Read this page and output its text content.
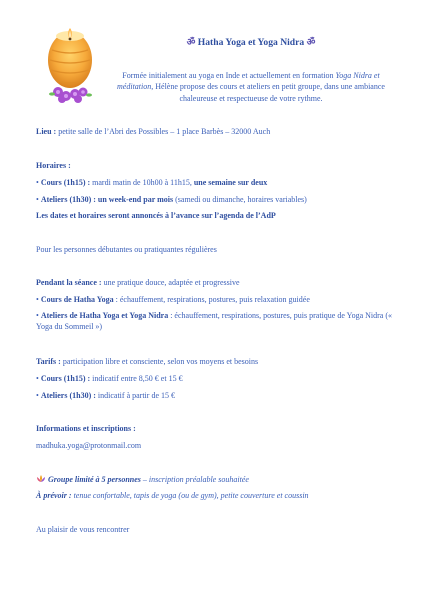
ॐ Hatha Yoga et Yoga Nidra ॐ
Formée initialement au yoga en Inde et actuellement en formation Yoga Nidra et méditation, Hélène propose des cours et ateliers en petit groupe, dans une ambiance chaleureuse et respectueuse de votre rythme.
Lieu : petite salle de l’Abri des Possibles – 1 place Barbès – 32000 Auch
Horaires :
• Cours (1h15) : mardi matin de 10h00 à 11h15, une semaine sur deux
• Ateliers (1h30) : un week-end par mois (samedi ou dimanche, horaires variables)
Les dates et horaires seront annoncés à l’avance sur l’agenda de l’AdP
Pour les personnes débutantes ou pratiquantes régulières
Pendant la séance : une pratique douce, adaptée et progressive
• Cours de Hatha Yoga : échauffement, respirations, postures, puis relaxation guidée
• Ateliers de Hatha Yoga et Yoga Nidra : échauffement, respirations, postures, puis pratique de Yoga Nidra (« Yoga du Sommeil »)
Tarifs : participation libre et consciente, selon vos moyens et besoins
• Cours (1h15) : indicatif entre 8,50 € et 15 €
• Ateliers (1h30) : indicatif à partir de 15 €
Informations et inscriptions :
madhuka.yoga@protonmail.com
Groupe limité à 5 personnes – inscription préalable souhaitée
À prévoir : tenue confortable, tapis de yoga (ou de gym), petite couverture et coussin
Au plaisir de vous rencontrer
